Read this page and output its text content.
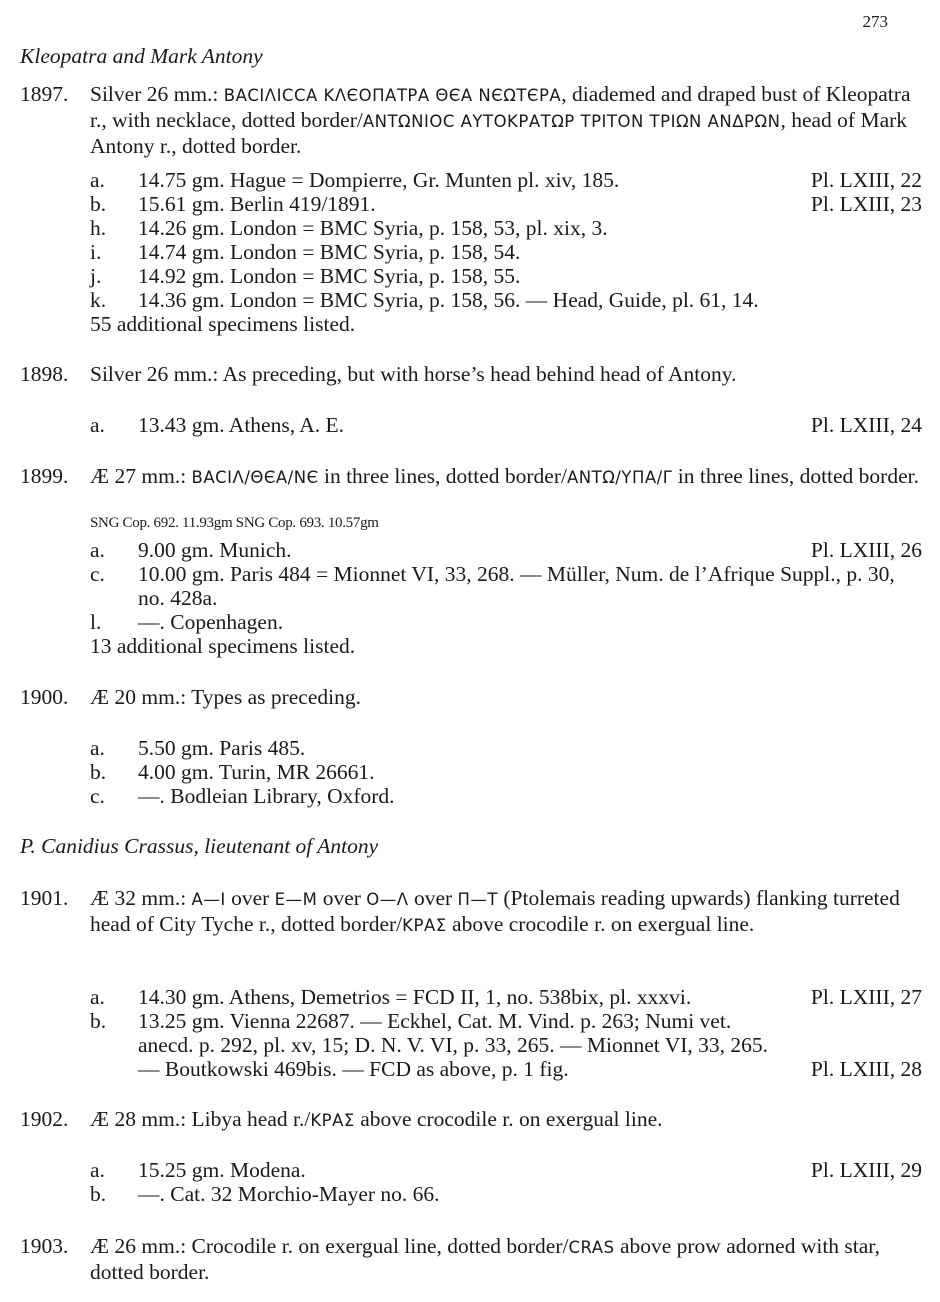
273
Kleopatra and Mark Antony
1897. Silver 26 mm.: ΒΑCΙΛΙCCΑ ΚΛЄΟΠΑΤΡΑ ΘЄΑ ΝЄΩΤЄΡΑ, diademed and draped bust of Kleopatra r., with necklace, dotted border/ΑΝΤΩΝΙΟC ΑΥΤΟΚΡΑΤΩΡ ΤΡΙΤΟΝ ΤΡΙΩΝ ΑΝΔΡΩΝ, head of Mark Antony r., dotted border.
a. 14.75 gm. Hague = Dompierre, Gr. Munten pl. xiv, 185.	Pl. LXIII, 22
b. 15.61 gm. Berlin 419/1891.	Pl. LXIII, 23
h. 14.26 gm. London = BMC Syria, p. 158, 53, pl. xix, 3.
i. 14.74 gm. London = BMC Syria, p. 158, 54.
j. 14.92 gm. London = BMC Syria, p. 158, 55.
k. 14.36 gm. London = BMC Syria, p. 158, 56. — Head, Guide, pl. 61, 14.
55 additional specimens listed.
1898. Silver 26 mm.: As preceding, but with horse’s head behind head of Antony.
a. 13.43 gm. Athens, A. E.	Pl. LXIII, 24
1899. Æ 27 mm.: ΒΑCΙΛ/ΘЄΑ/ΝЄ in three lines, dotted border/ΑΝΤΩ/ΥΠΑ/Γ in three lines, dotted border.
SNG Cop. 692. 11.93gm SNG Cop. 693. 10.57gm
a. 9.00 gm. Munich.	Pl. LXIII, 26
c. 10.00 gm. Paris 484 = Mionnet VI, 33, 268. — Müller, Num. de l’Afrique Suppl., p. 30, no. 428a.
l. —. Copenhagen.
13 additional specimens listed.
1900. Æ 20 mm.: Types as preceding.
a. 5.50 gm. Paris 485.
b. 4.00 gm. Turin, MR 26661.
c. —. Bodleian Library, Oxford.
P. Canidius Crassus, lieutenant of Antony
1901. Æ 32 mm.: Α—Ι over Ε—Μ over Ο—Λ over Π—Τ (Ptolemais reading upwards) flanking turreted head of City Tyche r., dotted border/ΚΡΑΣ above crocodile r. on exergual line.
a. 14.30 gm. Athens, Demetrios = FCD II, 1, no. 538bix, pl. xxxvi.	Pl. LXIII, 27
b. 13.25 gm. Vienna 22687. — Eckhel, Cat. M. Vind. p. 263; Numi vet. anecd. p. 292, pl. xv, 15; D. N. V. VI, p. 33, 265. — Mionnet VI, 33, 265. — Boutkowski 469bis. — FCD as above, p. 1 fig.	Pl. LXIII, 28
1902. Æ 28 mm.: Libya head r./ΚΡΑΣ above crocodile r. on exergual line.
a. 15.25 gm. Modena.	Pl. LXIII, 29
b. —. Cat. 32 Morchio-Mayer no. 66.
1903. Æ 26 mm.: Crocodile r. on exergual line, dotted border/CRAS above prow adorned with star, dotted border.
